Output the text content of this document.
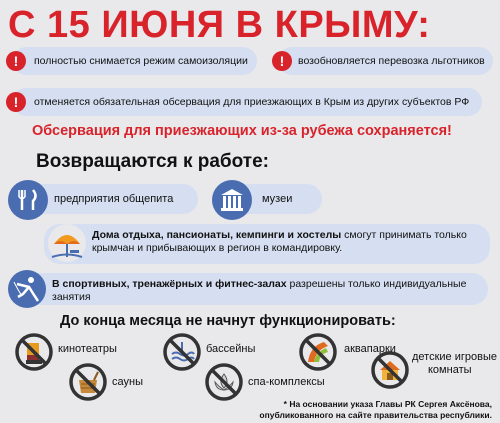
С 15 ИЮНЯ В КРЫМУ:
!	полностью снимается режим самоизоляции	!	возобновляется перевозка льготников
!	отменяется обязательная обсервация для приезжающих в Крым из других субъектов РФ
Обсервация для приезжающих из-за рубежа сохраняется!
Возвращаются к работе:
предприятия общепита	музеи
Дома отдыха, пансионаты, кемпинги и хостелы смогут принимать только крымчан и прибывающих в регион в командировку.
В спортивных, тренажёрных и фитнес-залах разрешены только индивидуальные занятия
До конца месяца не начнут функционировать:
кинотеатры	бассейны	аквапарки
сауны	спа-комплексы
детские игровые
комнаты
* На основании указа Главы РК Сергея Аксёнова,
опубликованного на сайте правительства республики.
